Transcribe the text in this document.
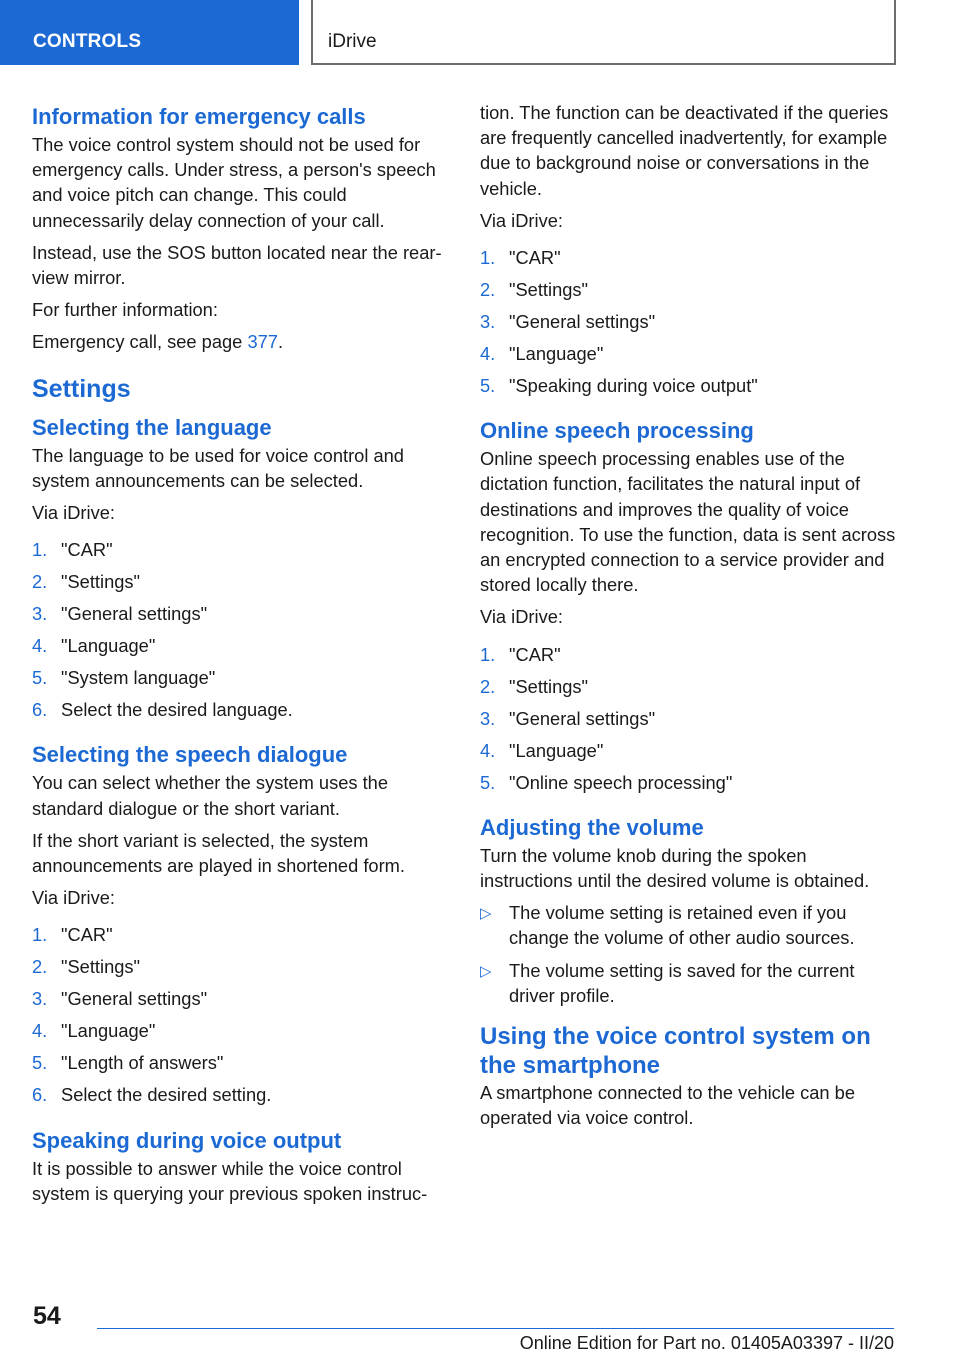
CONTROLS	iDrive
Information for emergency calls

The voice control system should not be used for emergency calls. Under stress, a person's speech and voice pitch can change. This could unnecessarily delay connection of your call.

Instead, use the SOS button located near the rear-view mirror.

For further information:

Emergency call, see page 377.

Settings
Selecting the language

The language to be used for voice control and system announcements can be selected.

Via iDrive:

1. "CAR"
2. "Settings"
3. "General settings"
4. "Language"
5. "System language"
6. Select the desired language.
Selecting the speech dialogue

You can select whether the system uses the standard dialogue or the short variant.

If the short variant is selected, the system announcements are played in shortened form.

Via iDrive:

1. "CAR"
2. "Settings"
3. "General settings"
4. "Language"
5. "Length of answers"
6. Select the desired setting.
Speaking during voice output

It is possible to answer while the voice control system is querying your previous spoken instruc-

tion. The function can be deactivated if the queries are frequently cancelled inadvertently, for example due to background noise or conversations in the vehicle.

Via iDrive:

1. "CAR"
2. "Settings"
3. "General settings"
4. "Language"
5. "Speaking during voice output"
Online speech processing

Online speech processing enables use of the dictation function, facilitates the natural input of destinations and improves the quality of voice recognition. To use the function, data is sent across an encrypted connection to a service provider and stored locally there.

Via iDrive:

1. "CAR"
2. "Settings"
3. "General settings"
4. "Language"
5. "Online speech processing"
Adjusting the volume

Turn the volume knob during the spoken instructions until the desired volume is obtained.

▷ The volume setting is retained even if you change the volume of other audio sources.
▷ The volume setting is saved for the current driver profile.
Using the voice control system on the smartphone

A smartphone connected to the vehicle can be operated via voice control.

54
Online Edition for Part no. 01405A03397 - II/20
